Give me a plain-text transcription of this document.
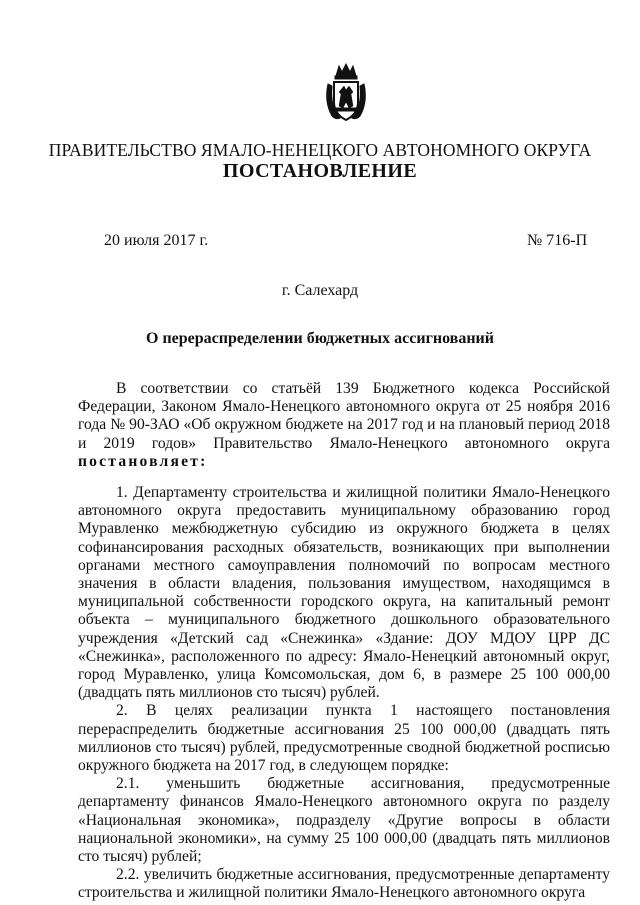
ПРАВИТЕЛЬСТВО ЯМАЛО-НЕНЕЦКОГО АВТОНОМНОГО ОКРУГА
ПОСТАНОВЛЕНИЕ
20 июля 2017 г.	№ 716-П
г. Салехард
О перераспределении бюджетных ассигнований

В соответствии со статьёй 139 Бюджетного кодекса Российской Федерации, Законом Ямало-Ненецкого автономного округа от 25 ноября 2016 года № 90-ЗАО «Об окружном бюджете на 2017 год и на плановый период 2018 и 2019 годов» Правительство Ямало-Ненецкого автономного округа постановляет:

1. Департаменту строительства и жилищной политики Ямало-Ненецкого автономного округа предоставить муниципальному образованию город Муравленко межбюджетную субсидию из окружного бюджета в целях софинансирования расходных обязательств, возникающих при выполнении органами местного самоуправления полномочий по вопросам местного значения в области владения, пользования имуществом, находящимся в муниципальной собственности городского округа, на капитальный ремонт объекта – муниципального бюджетного дошкольного образовательного учреждения «Детский сад «Снежинка» «Здание: ДОУ МДОУ ЦРР ДС «Снежинка», расположенного по адресу: Ямало-Ненецкий автономный округ, город Муравленко, улица Комсомольская, дом 6, в размере 25 100 000,00 (двадцать пять миллионов сто тысяч) рублей.

2. В целях реализации пункта 1 настоящего постановления перераспределить бюджетные ассигнования 25 100 000,00 (двадцать пять миллионов сто тысяч) рублей, предусмотренные сводной бюджетной росписью окружного бюджета на 2017 год, в следующем порядке:

2.1. уменьшить бюджетные ассигнования, предусмотренные департаменту финансов Ямало-Ненецкого автономного округа по разделу «Национальная экономика», подразделу «Другие вопросы в области национальной экономики», на сумму 25 100 000,00 (двадцать пять миллионов сто тысяч) рублей;

2.2. увеличить бюджетные ассигнования, предусмотренные департаменту строительства и жилищной политики Ямало-Ненецкого автономного округа
